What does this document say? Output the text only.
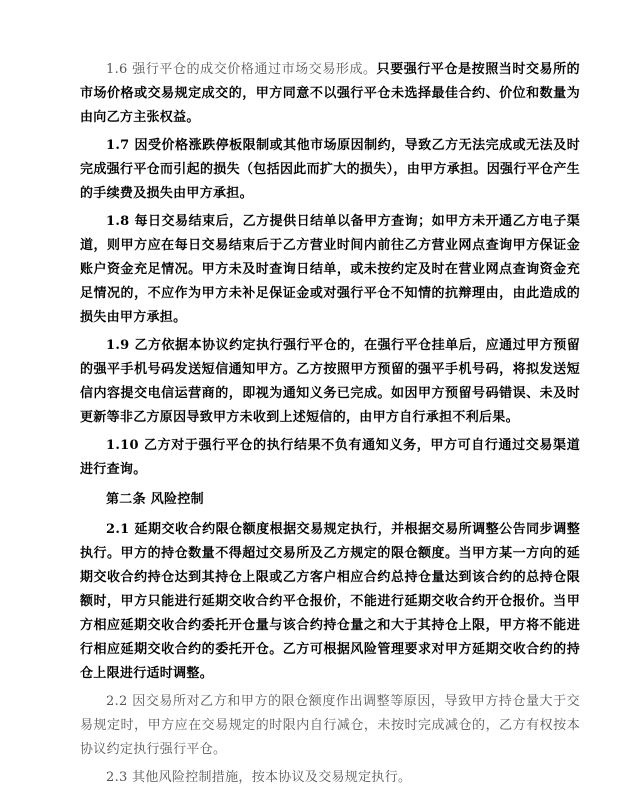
1.6 强行平仓的成交价格通过市场交易形成。只要强行平仓是按照当时交易所的市场价格或交易规定成交的，甲方同意不以强行平仓未选择最佳合约、价位和数量为由向乙方主张权益。

1.7 因受价格涨跌停板限制或其他市场原因制约，导致乙方无法完成或无法及时完成强行平仓而引起的损失（包括因此而扩大的损失），由甲方承担。因强行平仓产生的手续费及损失由甲方承担。

1.8 每日交易结束后，乙方提供日结单以备甲方查询；如甲方未开通乙方电子渠道，则甲方应在每日交易结束后于乙方营业时间内前往乙方营业网点查询甲方保证金账户资金充足情况。甲方未及时查询日结单，或未按约定及时在营业网点查询资金充足情况的，不应作为甲方未补足保证金或对强行平仓不知情的抗辩理由，由此造成的损失由甲方承担。

1.9 乙方依据本协议约定执行强行平仓的，在强行平仓挂单后，应通过甲方预留的强平手机号码发送短信通知甲方。乙方按照甲方预留的强平手机号码，将拟发送短信内容提交电信运营商的，即视为通知义务已完成。如因甲方预留号码错误、未及时更新等非乙方原因导致甲方未收到上述短信的，由甲方自行承担不利后果。

1.10 乙方对于强行平仓的执行结果不负有通知义务，甲方可自行通过交易渠道进行查询。

第二条 风险控制

2.1 延期交收合约限仓额度根据交易规定执行，并根据交易所调整公告同步调整执行。甲方的持仓数量不得超过交易所及乙方规定的限仓额度。当甲方某一方向的延期交收合约持仓达到其持仓上限或乙方客户相应合约总持仓量达到该合约的总持仓限额时，甲方只能进行延期交收合约平仓报价，不能进行延期交收合约开仓报价。当甲方相应延期交收合约委托开仓量与该合约持仓量之和大于其持仓上限，甲方将不能进行相应延期交收合约的委托开仓。乙方可根据风险管理要求对甲方延期交收合约的持仓上限进行适时调整。

2.2 因交易所对乙方和甲方的限仓额度作出调整等原因，导致甲方持仓量大于交易规定时，甲方应在交易规定的时限内自行减仓，未按时完成减仓的，乙方有权按本协议约定执行强行平仓。

2.3 其他风险控制措施，按本协议及交易规定执行。
